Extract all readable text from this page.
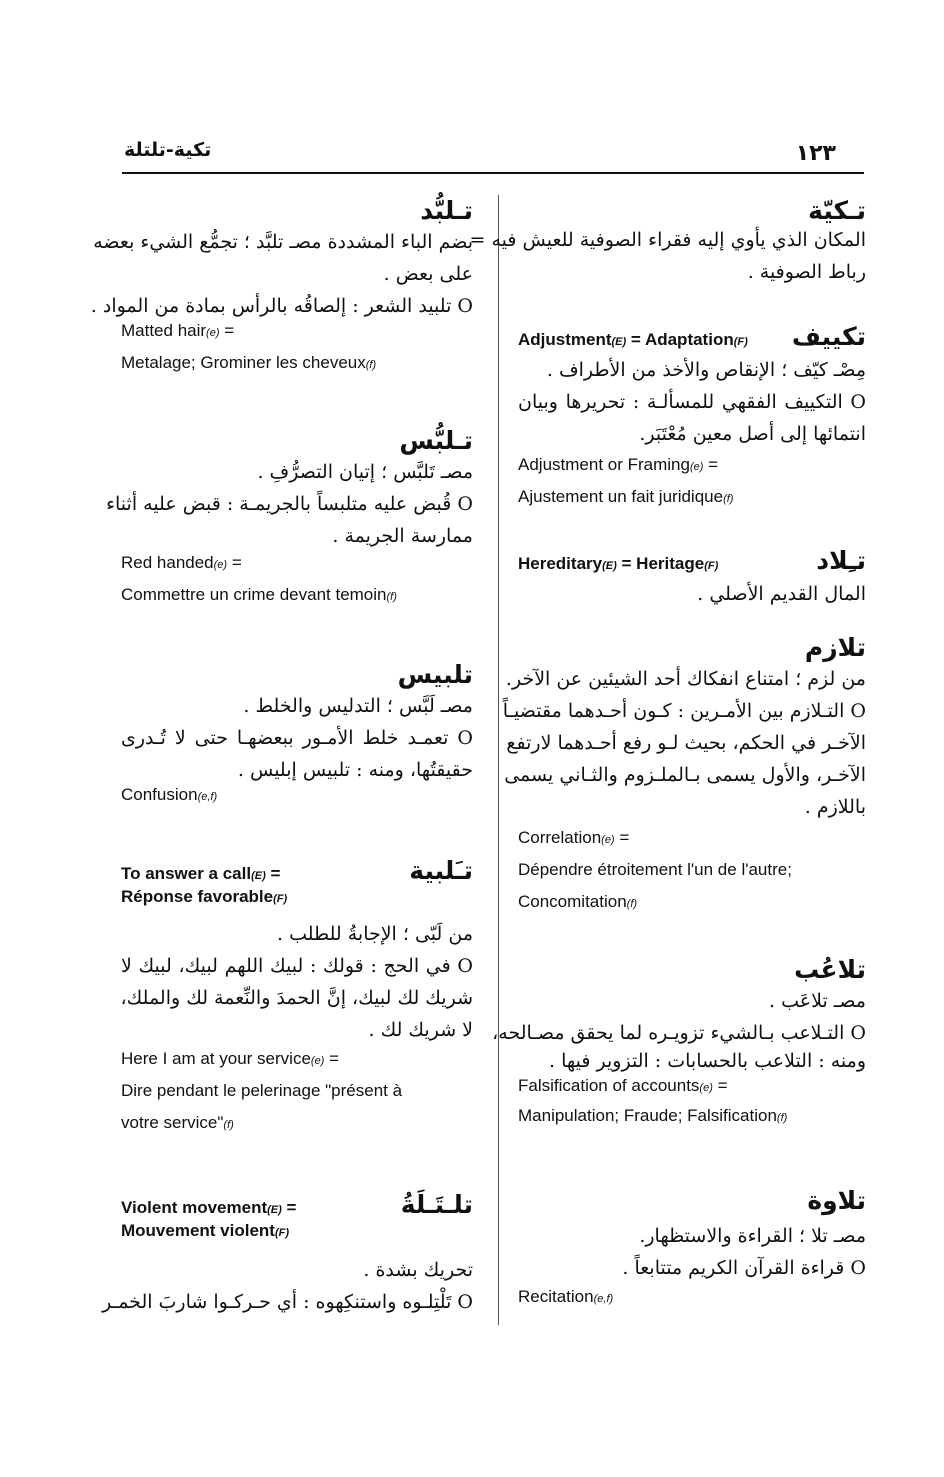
١٢٣
تكية-تلتلة
تـكيّة
المكان الذي يأوي إليه فقراء الصوفية للعيش فيه =
رباط الصوفية .
Adjustment(E) = Adaptation(F) تكييف
مِصْـ كيّف ؛ الإنقاص والأخذ من الأطراف .
O التكييف الفقهي للمسألـة : تحريرها وبيان
انتمائها إلى أصل معين مُعْتَبَر.
Adjustment or Framing(e) =
Ajustement un fait juridique(f)
Hereditary(E) = Heritage(F)	تـِلاد
المال القديم الأصلي .
تلازم
من لزم ؛ امتناع انفكاك أحد الشيئين عن الآخر.
O التـلازم بين الأمـرين : كـون أحـدهما مقتضيـاً
الآخـر في الحكم، بحيث لـو رفع أحـدهما لارتفع
الآخـر، والأول يسمى بـالملـزوم والثـاني يسمى
باللازم .
Correlation(e) =
Dépendre étroitement l'un de l'autre;
Concomitation(f)
تلاعُب
مصـ تلاعَب .
O التـلاعب بـالشيء تزويـره لما يحقق مصـالحه،
ومنه : التلاعب بالحسابات : التزوير فيها .
Falsification of accounts(e) =
Manipulation; Fraude; Falsification(f)
تلاوة
مصـ تلا ؛ القراءة والاستظهار.
O قراءة القرآن الكريم متتابعاً .
Recitation(e,f)
تـلبُّد
بضم الباء المشددة مصـ تلبَّد ؛ تجمُّع الشيء بعضه
على بعض .
O تلبيد الشعر : إلصاقُه بالرأس بمادة من المواد .
Matted hair(e) =
Metalage; Grominer les cheveux(f)
تـلبُّس
مصـ تَلبَّس ؛ إتيان التصرُّفِ .
O قُبض عليه متلبساً بالجريمـة : قبض عليه أثناء
ممارسة الجريمة .
Red handed(e) =
Commettre un crime devant temoin(f)
تلبيس
مصـ لَبَّس ؛ التدليس والخلط .
O تعمـد خلط الأمـور ببعضهـا حتى لا تُـدرى
حقيقتُها، ومنه : تلبيس إبليس .
Confusion(e,f)
To answer a call(E) =	تـَلبية
Réponse favorable(F)
من لَبّى ؛ الإجابةُ للطلب .
O في الحج : قولك : لبيك اللهم لبيك، لبيك لا
شريك لك لبيك، إنَّ الحمدَ والنِّعمة لك والملك،
لا شريك لك .
Here I am at your service(e) =
Dire pendant le pelerinage "présent à
votre service"(f)
Violent movement(E) =	تلـتَـلَةُ
Mouvement violent(F)
تحريك بشدة .
O تَلْتِلـوه واستنكِهوه : أي حـركـوا شاربَ الخمـر
